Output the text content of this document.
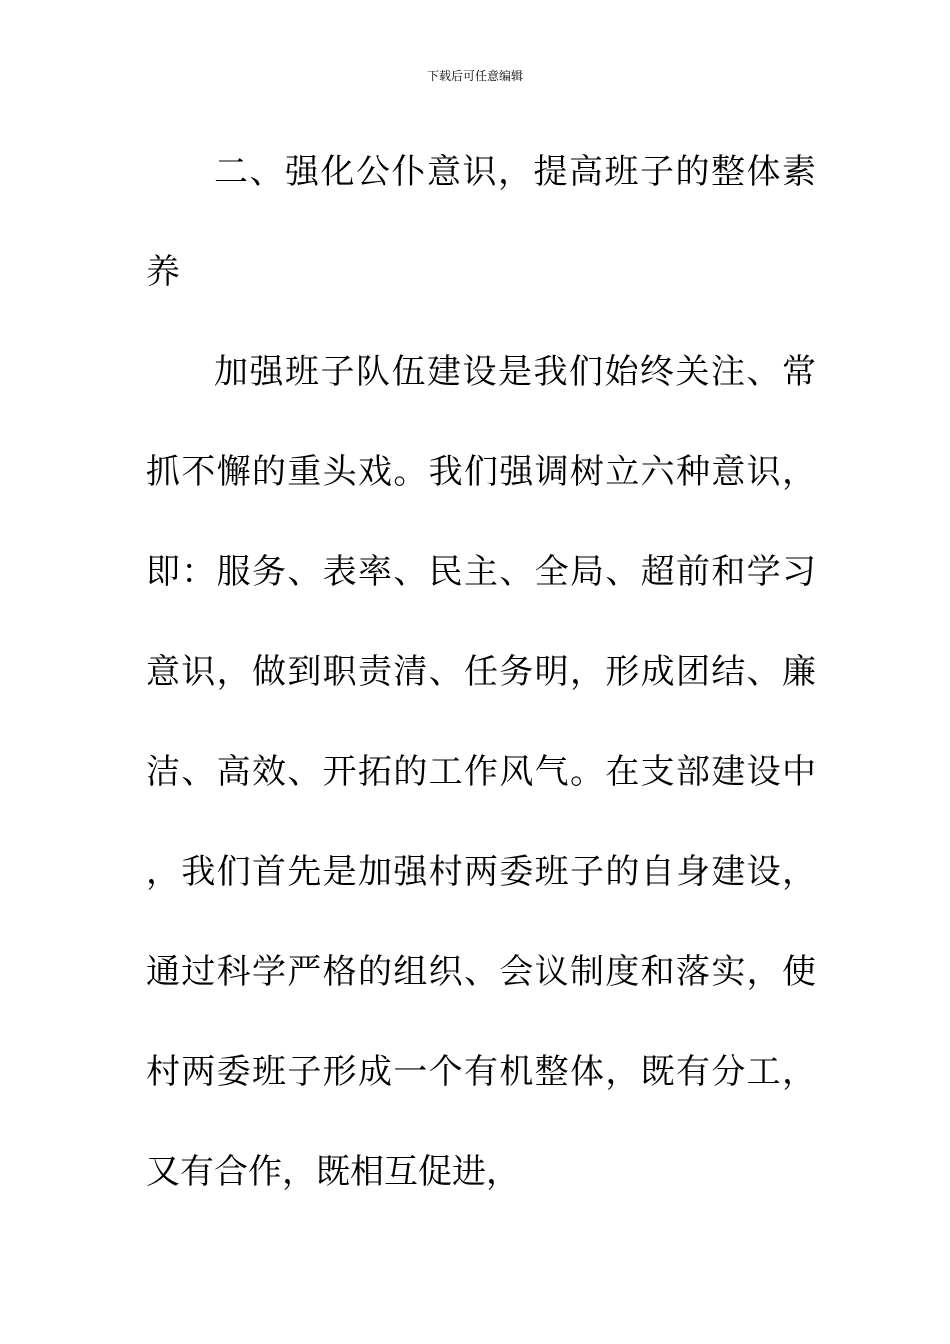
下载后可任意编辑

二、强化公仆意识，提高班子的整体素养

加强班子队伍建设是我们始终关注、常抓不懈的重头戏。我们强调树立六种意识，即：服务、表率、民主、全局、超前和学习意识，做到职责清、任务明，形成团结、廉洁、高效、开拓的工作风气。在支部建设中，我们首先是加强村两委班子的自身建设，通过科学严格的组织、会议制度和落实，使村两委班子形成一个有机整体，既有分工，又有合作，既相互促进，
